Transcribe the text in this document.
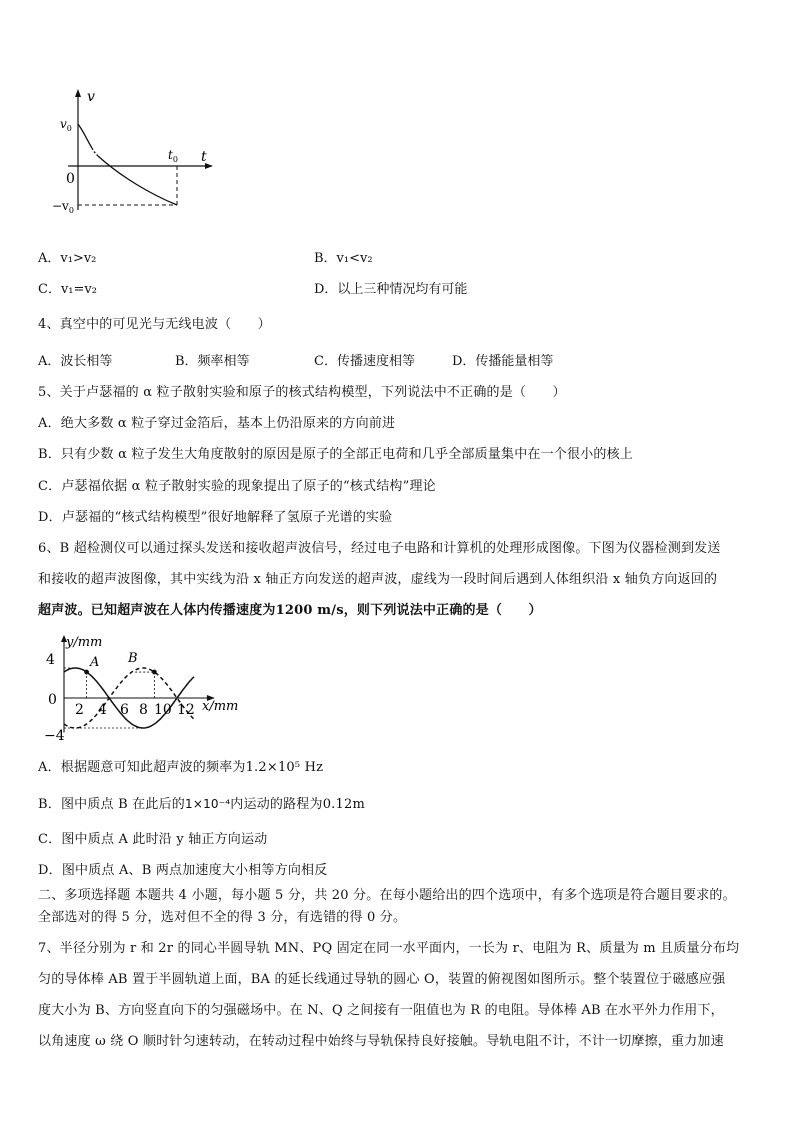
v
t
$v_0$
0
$-v_0$
$t_0$
A．v₁>v₂	B．v₁<v₂
C．v₁=v₂	D．以上三种情况均有可能
4、真空中的可见光与无线电波（　　）
A．波长相等	B．频率相等	C．传播速度相等	D．传播能量相等
5、关于卢瑟福的 α 粒子散射实验和原子的核式结构模型，下列说法中不正确的是（　　）
A．绝大多数 α 粒子穿过金箔后，基本上仍沿原来的方向前进
B．只有少数 α 粒子发生大角度散射的原因是原子的全部正电荷和几乎全部质量集中在一个很小的核上
C．卢瑟福依据 α 粒子散射实验的现象提出了原子的“核式结构”理论
D．卢瑟福的“核式结构模型”很好地解释了氢原子光谱的实验
6、B 超检测仪可以通过探头发送和接收超声波信号，经过电子电路和计算机的处理形成图像。下图为仪器检测到发送
和接收的超声波图像，其中实线为沿 x 轴正方向发送的超声波，虚线为一段时间后遇到人体组织沿 x 轴负方向返回的
超声波。已知超声波在人体内传播速度为1200 m/s，则下列说法中正确的是（　　）
y/mm
x/mm
4
0
−4
2 4 6 8 10 12
A B
A．根据题意可知此超声波的频率为1.2×10⁵ Hz
B．图中质点 B 在此后的1×10⁻⁴内运动的路程为0.12m
C．图中质点 A 此时沿 y 轴正方向运动
D．图中质点 A、B 两点加速度大小相等方向相反
二、多项选择题 本题共 4 小题，每小题 5 分，共 20 分。在每小题给出的四个选项中，有多个选项是符合题目要求的。
全部选对的得 5 分，选对但不全的得 3 分，有选错的得 0 分。
7、半径分别为 r 和 2r 的同心半圆导轨 MN、PQ 固定在同一水平面内，一长为 r、电阻为 R、质量为 m 且质量分布均
匀的导体棒 AB 置于半圆轨道上面，BA 的延长线通过导轨的圆心 O，装置的俯视图如图所示。整个装置位于磁感应强
度大小为 B、方向竖直向下的匀强磁场中。在 N、Q 之间接有一阻值也为 R 的电阻。导体棒 AB 在水平外力作用下，
以角速度 ω 绕 O 顺时针匀速转动，在转动过程中始终与导轨保持良好接触。导轨电阻不计，不计一切摩擦，重力加速
